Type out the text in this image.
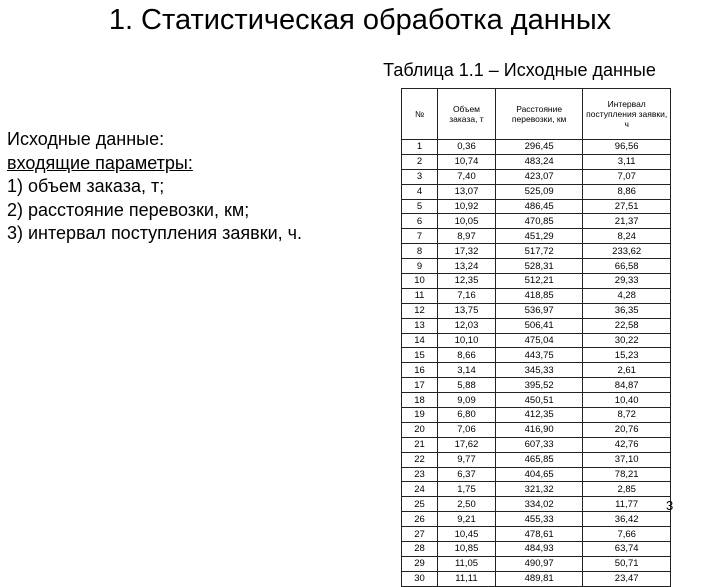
1. Статистическая обработка данных
Таблица 1.1 – Исходные данные
Исходные данные:
входящие параметры:
1) объем заказа, т;
2) расстояние перевозки, км;
3) интервал поступления заявки, ч.
№	Объем заказа, т	Расстояние перевозки, км	Интервал поступления заявки, ч
1	0,36	296,45	96,56
2	10,74	483,24	3,11
3	7,40	423,07	7,07
4	13,07	525,09	8,86
5	10,92	486,45	27,51
6	10,05	470,85	21,37
7	8,97	451,29	8,24
8	17,32	517,72	233,62
9	13,24	528,31	66,58
10	12,35	512,21	29,33
11	7,16	418,85	4,28
12	13,75	536,97	36,35
13	12,03	506,41	22,58
14	10,10	475,04	30,22
15	8,66	443,75	15,23
16	3,14	345,33	2,61
17	5,88	395,52	84,87
18	9,09	450,51	10,40
19	6,80	412,35	8,72
20	7,06	416,90	20,76
21	17,62	607,33	42,76
22	9,77	465,85	37,10
23	6,37	404,65	78,21
24	1,75	321,32	2,85
25	2,50	334,02	11,77
26	9,21	455,33	36,42
27	10,45	478,61	7,66
28	10,85	484,93	63,74
29	11,05	490,97	50,71
30	11,11	489,81	23,47
3
